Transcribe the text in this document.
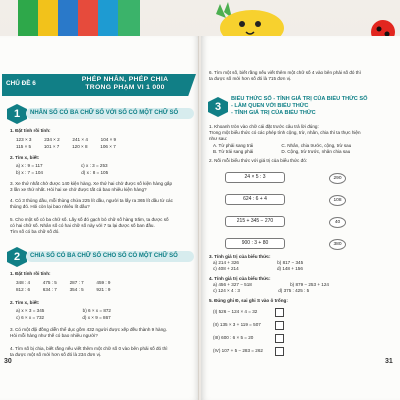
CHỦ ĐỀ 6
PHÉP NHÂN, PHÉP CHIA
TRONG PHẠM VI 1 000
1	NHÂN SỐ CÓ BA CHỮ SỐ VỚI SỐ CÓ MỘT CHỮ SỐ
1. Đặt tính rồi tính:
123 × 3          234 × 2          241 × 4          104 × 9
115 × 5          101 × 7          120 × 8          106 × 7
2. Tìm x, biết:
a) x : 9 = 117                              c) x : 3 = 253
b) x : 7 = 104                              d) x : 8 = 105
3. Xe thứ nhất chở được 140 kiện hàng. Xe thứ hai chở được số kiện hàng gấp
3 lần xe thứ nhất. Hỏi hai xe chở được tất cả bao nhiêu kiện hàng?
4. Có 3 thùng dầu, mỗi thùng chứa 225 lít dầu, người ta lấy ra 365 lít dầu từ các
thùng đó. Hỏi còn lại bao nhiêu lít dầu?
5. Cho một số có ba chữ số. Lấy số đó gạch bỏ chữ số hàng trăm, ta được số
có hai chữ số. Nhân số có hai chữ số này với 7 ta lại được số ban đầu.
Tìm số có ba chữ số đó.
2	CHIA SỐ CÓ BA CHỮ SỐ CHO SỐ CÓ MỘT CHỮ SỐ
1. Đặt tính rồi tính:
348 : 4          475 : 5          287 : 7          459 : 9
812 : 6          634 : 7          354 : 5          921 : 9
2. Tìm x, biết:
a) x × 3 = 345                              b) 6 × x = 872
c) 6 × x = 732                              d) x × 9 = 867
3. Có một đội đồng diễn thể dục gồm 432 người được xếp đều thành 9 hàng.
Hỏi mỗi hàng như thế có bao nhiêu người?
4. Tìm số bị chia, biết rằng nếu viết thêm một chữ số 0 vào bên phải số đó thì
ta được một số mới hơn số đó là 234 đơn vị.
30
6. Tìm một số, biết rằng nếu viết thêm một chữ số 4 vào bên phải số đó thì
ta được số mới hơn số đó là 715 đơn vị.
3
BIỂU THỨC SỐ - TÍNH GIÁ TRỊ CỦA BIỂU THỨC SỐ
- LÀM QUEN VỚI BIỂU THỨC
- TÍNH GIÁ TRỊ CỦA BIỂU THỨC
1. Khoanh tròn vào chữ cái đặt trước câu trả lời đúng:
Trong một biểu thức có các phép tính cộng, trừ, nhân, chia thì ta thực hiện
như sau:
A. Từ phải sang trái                      C. Nhân, chia trước, cộng, trừ sau
B. Từ trái sang phải                      D. Cộng, trừ trước, nhân chia sau
2. Nối mỗi biểu thức với giá trị của biểu thức đó:
24 × 5 : 3
624 : 6 + 4
215 + 345 − 270
900 : 3 + 80
290
108
40
380
3. Tính giá trị của biểu thức:
a) 214 + 326                              b) 817 − 345
c) 408 + 214                              d) 148 + 156
4. Tính giá trị của biểu thức:
a) 456 + 327 − 518                              b) 879 − 253 + 124
c) 124 × 4 : 3                              d) 375 : 425 : 5
5. Đúng ghi Đ, sai ghi S vào ô trống:
(I) 526 − 124 × 4 = 32
(II) 135 × 3 + 119 = 507
(III) 600 : 6 × 5 = 20
(IV) 107 + 5 − 283 = 262
31
